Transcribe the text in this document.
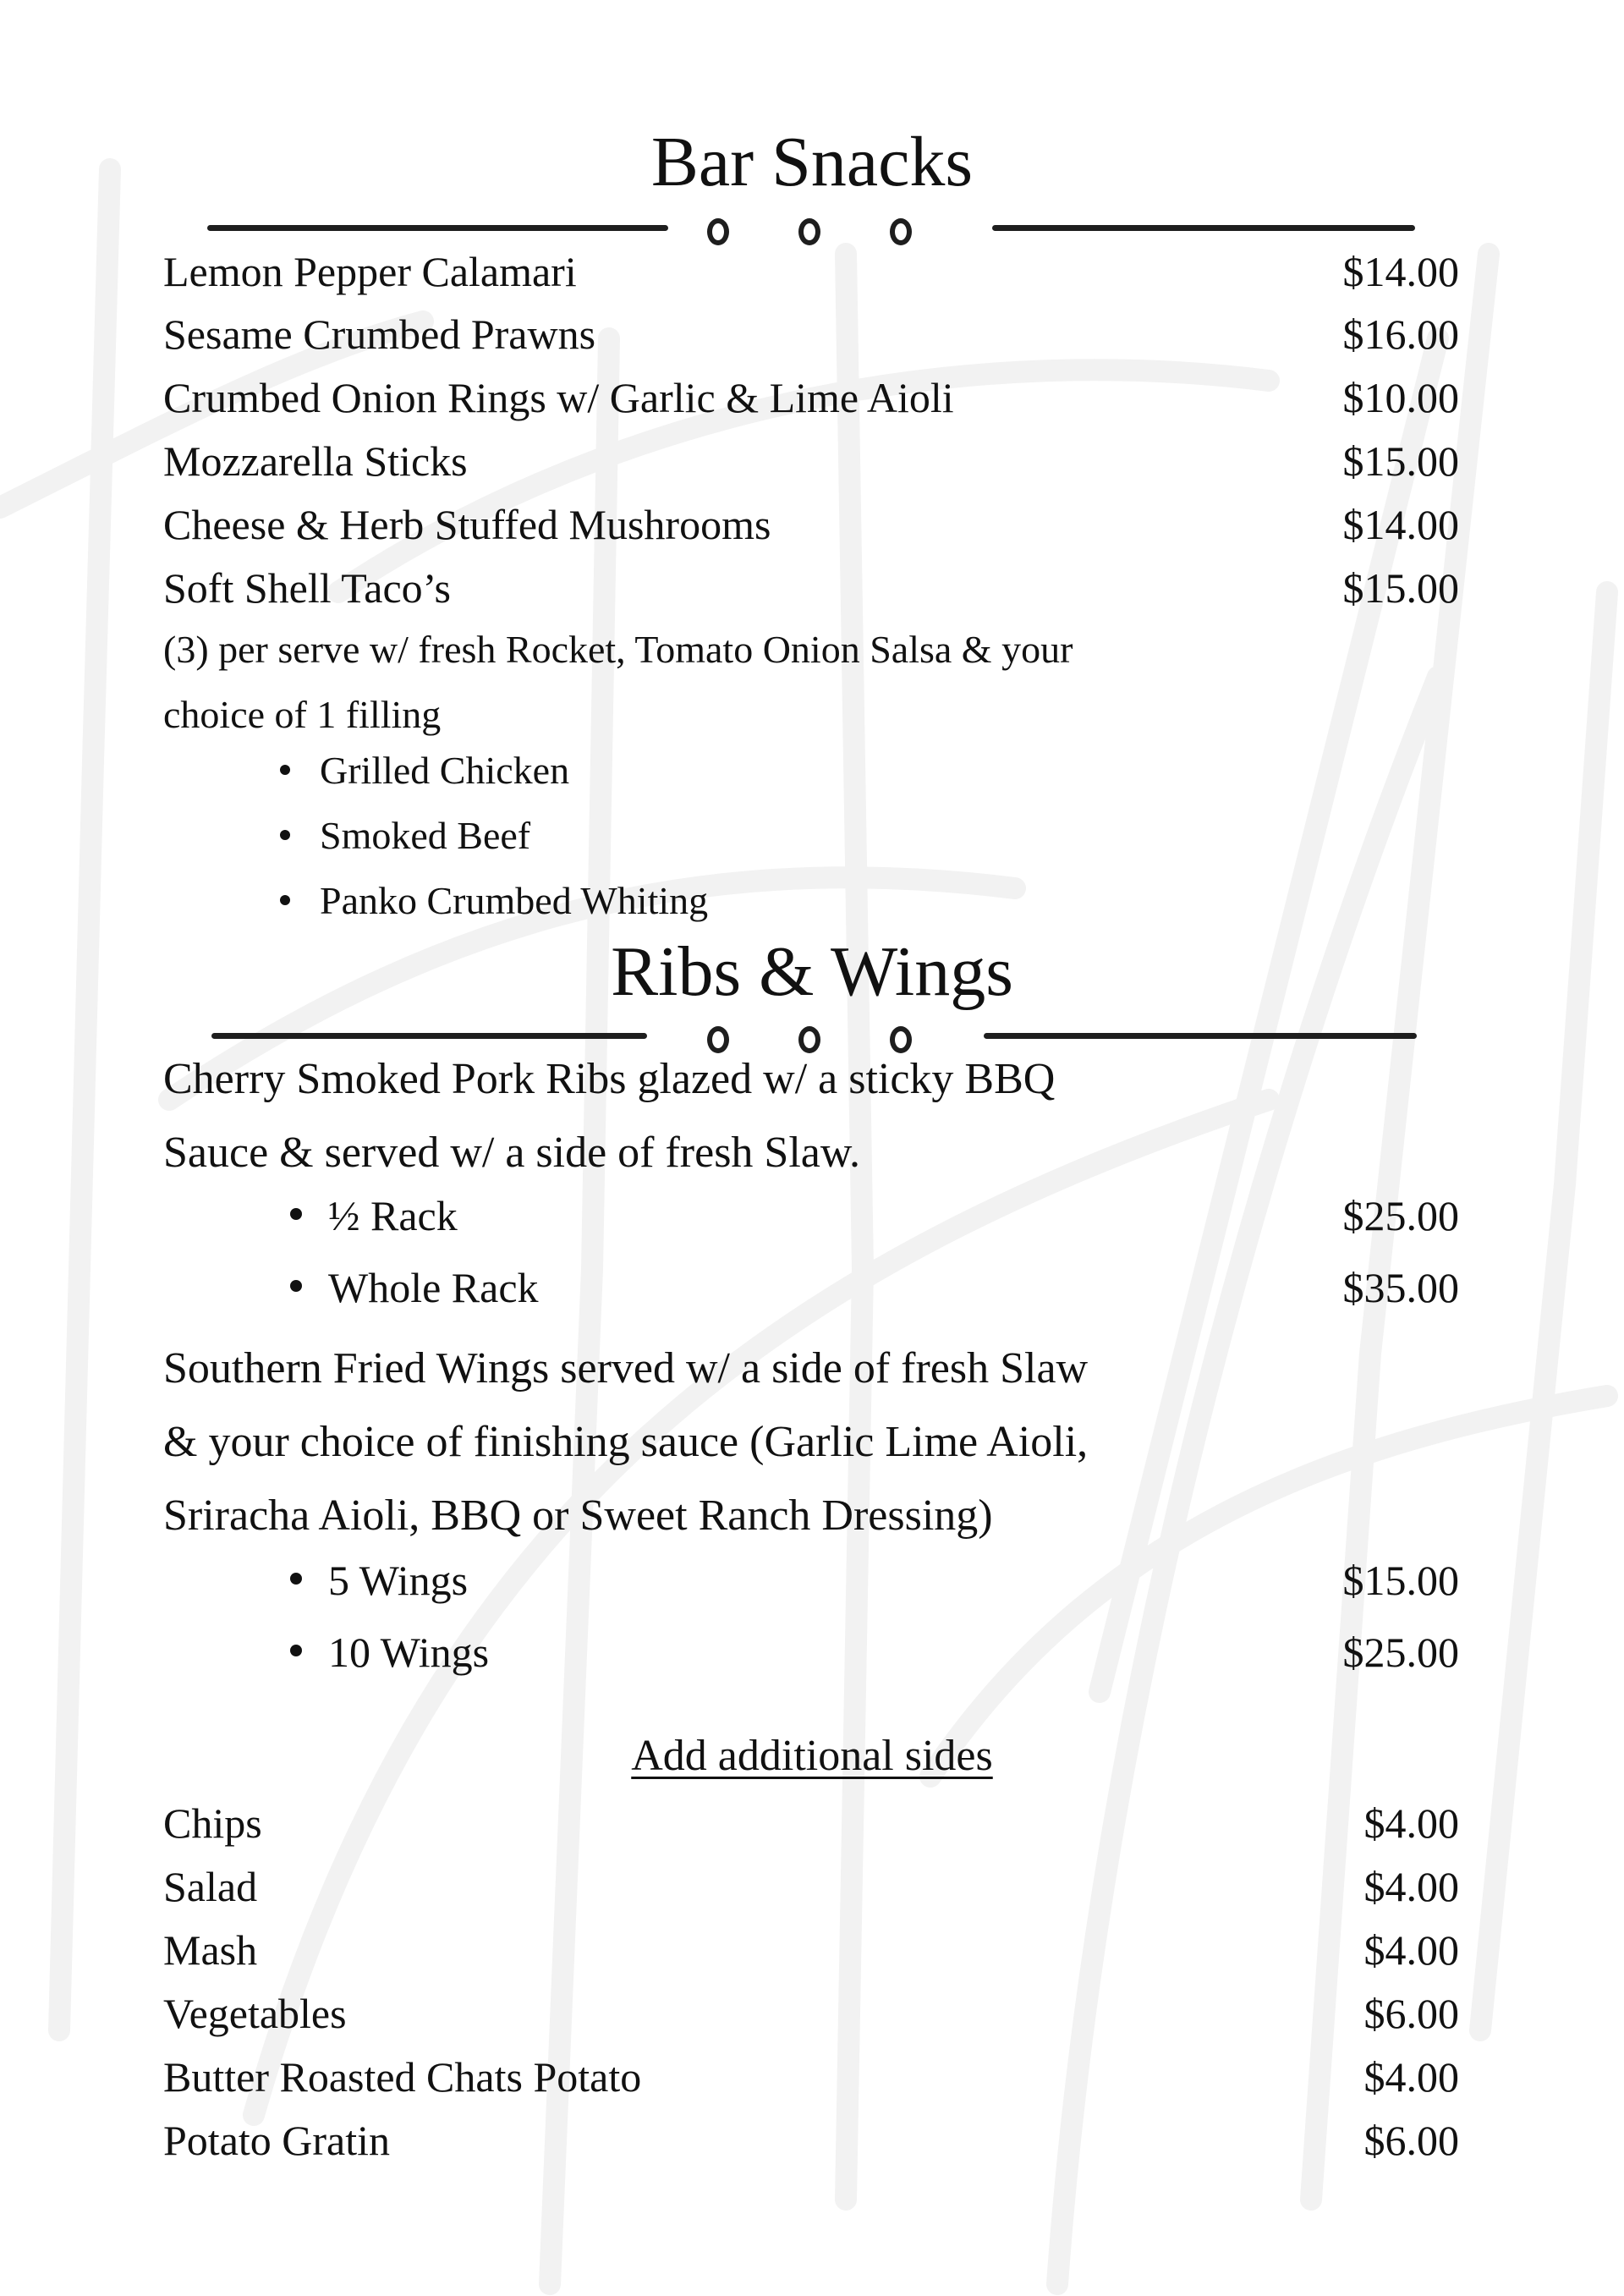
Bar Snacks
Lemon Pepper Calamari	$14.00
Sesame Crumbed Prawns	$16.00
Crumbed Onion Rings w/ Garlic & Lime Aioli	$10.00
Mozzarella Sticks	$15.00
Cheese & Herb Stuffed Mushrooms	$14.00
Soft Shell Taco’s	$15.00
(3) per serve w/ fresh Rocket, Tomato Onion Salsa & your
choice of 1 filling
Grilled Chicken
Smoked Beef
Panko Crumbed Whiting
Ribs & Wings
Cherry Smoked Pork Ribs glazed w/ a sticky BBQ
Sauce & served w/ a side of fresh Slaw.
½ Rack	$25.00
Whole Rack	$35.00
Southern Fried Wings served w/ a side of fresh Slaw
& your choice of finishing sauce (Garlic Lime Aioli,
Sriracha Aioli, BBQ or Sweet Ranch Dressing)
5 Wings	$15.00
10 Wings	$25.00
Add additional sides
Chips	$4.00
Salad	$4.00
Mash	$4.00
Vegetables	$6.00
Butter Roasted Chats Potato	$4.00
Potato Gratin	$6.00
